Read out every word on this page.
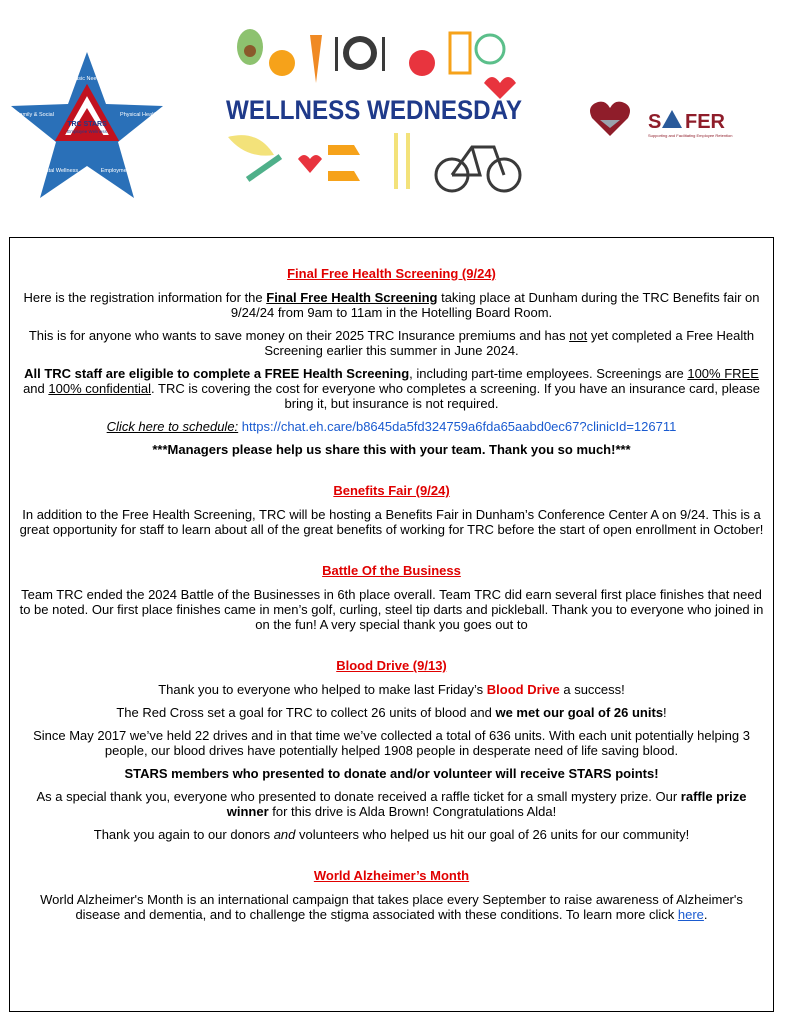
Basic Needs
Family & Social	Physical Health
Mental Wellness	Employment
TRC STARS
Employee Wellness
WELLNESS WEDNESDAY	S FER
Supporting and Facilitating Employee Retention
Final Free Health Screening (9/24)

Here is the registration information for the Final Free Health Screening taking place at Dunham during the TRC Benefits fair on 9/24/24 from 9am to 11am in the Hotelling Board Room.

This is for anyone who wants to save money on their 2025 TRC Insurance premiums and has not yet completed a Free Health Screening earlier this summer in June 2024.

All TRC staff are eligible to complete a FREE Health Screening, including part-time employees. Screenings are 100% FREE and 100% confidential. TRC is covering the cost for everyone who completes a screening. If you have an insurance card, please bring it, but insurance is not required.

Click here to schedule: https://chat.eh.care/b8645da5fd324759a6fda65aabd0ec67?clinicId=126711

***Managers please help us share this with your team. Thank you so much!***

Benefits Fair (9/24)

In addition to the Free Health Screening, TRC will be hosting a Benefits Fair in Dunham’s Conference Center A on 9/24. This is a great opportunity for staff to learn about all of the great benefits of working for TRC before the start of open enrollment in October!

Battle Of the Business

Team TRC ended the 2024 Battle of the Businesses in 6th place overall. Team TRC did earn several first place finishes that need to be noted. Our first place finishes came in men’s golf, curling, steel tip darts and pickleball. Thank you to everyone who joined in on the fun! A very special thank you goes out to

Blood Drive (9/13)

Thank you to everyone who helped to make last Friday’s Blood Drive a success!

The Red Cross set a goal for TRC to collect 26 units of blood and we met our goal of 26 units!

Since May 2017 we’ve held 22 drives and in that time we’ve collected a total of 636 units. With each unit potentially helping 3 people, our blood drives have potentially helped 1908 people in desperate need of life saving blood.

STARS members who presented to donate and/or volunteer will receive STARS points!

As a special thank you, everyone who presented to donate received a raffle ticket for a small mystery prize. Our raffle prize winner for this drive is Alda Brown! Congratulations Alda!

Thank you again to our donors and volunteers who helped us hit our goal of 26 units for our community!

World Alzheimer’s Month

World Alzheimer's Month is an international campaign that takes place every September to raise awareness of Alzheimer's disease and dementia, and to challenge the stigma associated with these conditions. To learn more click here.
